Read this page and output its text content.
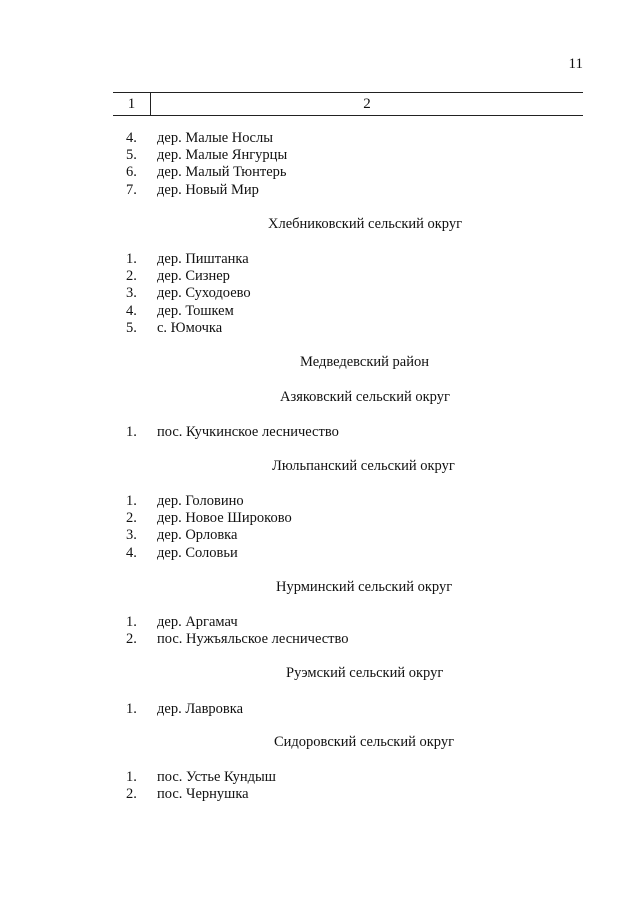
11
1	2
4.	дер. Малые Ноcлы
5.	дер. Малые Янгурцы
6.	дер. Малый Тюнтерь
7.	дер. Новый Мир
Хлебниковский сельский округ
1.	дер. Пиштанка
2.	дер. Сизнер
3.	дер. Суходоево
4.	дер. Тошкем
5.	с. Юмочка
Медведевский район
Азяковский сельский округ
1.	пос. Кучкинское лесничество
Люльпанский сельский округ
1.	дер. Головино
2.	дер. Новое Широково
3.	дер. Орловка
4.	дер. Соловьи
Нурминский сельский округ
1.	дер. Аргамач
2.	пос. Нужъяльское лесничество
Руэмский сельский округ
1.	дер. Лавровка
Сидоровский сельский округ
1.	пос. Устье Кундыш
2.	пос. Чернушка
